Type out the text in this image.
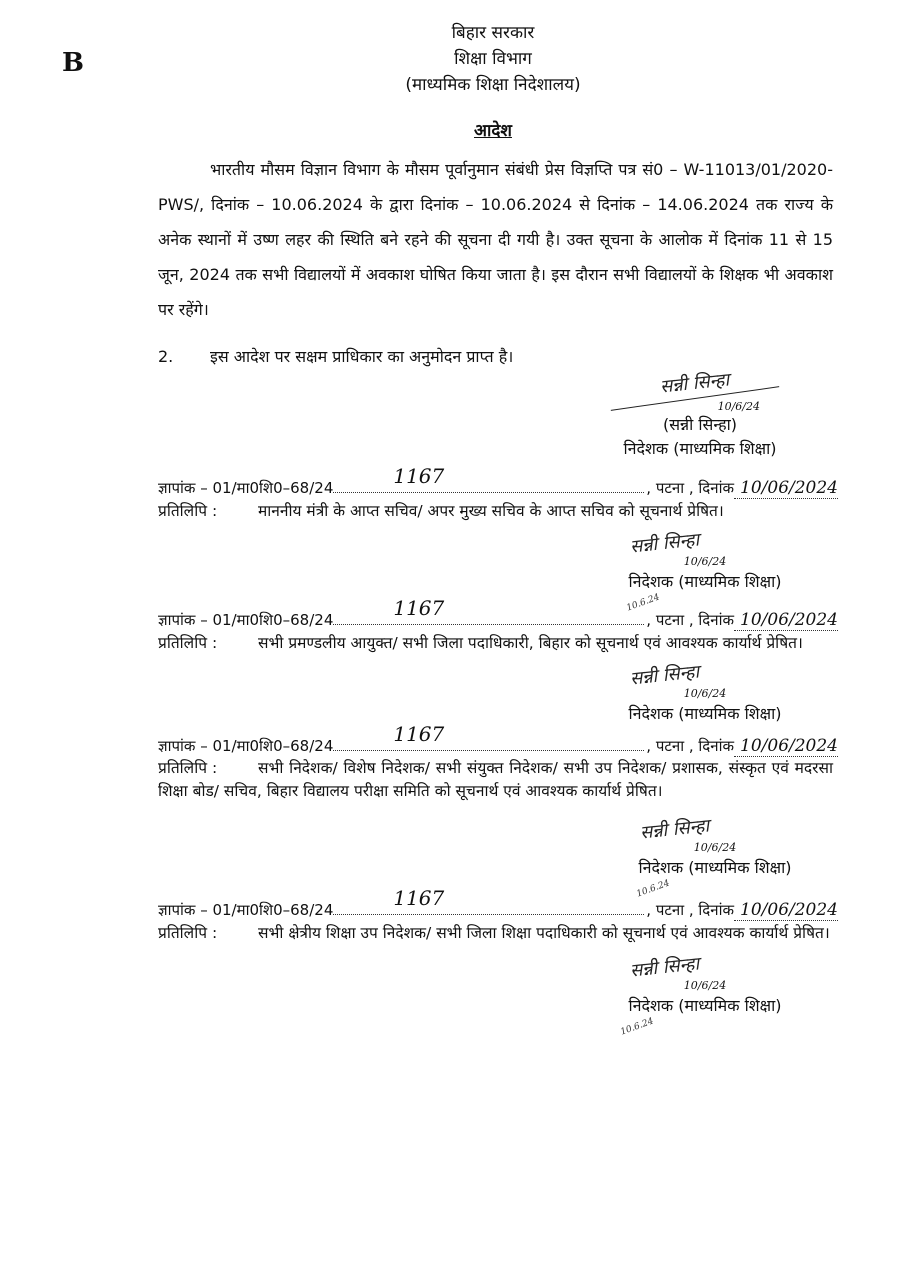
B
बिहार सरकार
शिक्षा विभाग
(माध्यमिक शिक्षा निदेशालय)
आदेश
भारतीय मौसम विज्ञान विभाग के मौसम पूर्वानुमान संबंधी प्रेस विज्ञप्ति पत्र सं0 – W-11013/01/2020-PWS/, दिनांक – 10.06.2024 के द्वारा दिनांक – 10.06.2024 से दिनांक – 14.06.2024 तक राज्य के अनेक स्थानों में उष्ण लहर की स्थिति बने रहने की सूचना दी गयी है। उक्त सूचना के आलोक में दिनांक 11 से 15 जून, 2024 तक सभी विद्यालयों में अवकाश घोषित किया जाता है। इस दौरान सभी विद्यालयों के शिक्षक भी अवकाश पर रहेंगे।
2. इस आदेश पर सक्षम प्राधिकार का अनुमोदन प्राप्त है।
सन्नी सिन्हा
10/6/24
(सन्नी सिन्हा)
निदेशक (माध्यमिक शिक्षा)
ज्ञापांक – 01/मा0शि0–68/24	1167	, पटना , दिनांक 10/06/2024
प्रतिलिपि :	माननीय मंत्री के आप्त सचिव/ अपर मुख्य सचिव के आप्त सचिव को सूचनार्थ प्रेषित।
सन्नी सिन्हा
10/6/24
निदेशक (माध्यमिक शिक्षा)
10.6.24
ज्ञापांक – 01/मा0शि0–68/24	1167	, पटना , दिनांक 10/06/2024
प्रतिलिपि :	सभी प्रमण्डलीय आयुक्त/ सभी जिला पदाधिकारी, बिहार को सूचनार्थ एवं आवश्यक कार्यार्थ प्रेषित।
सन्नी सिन्हा
10/6/24
निदेशक (माध्यमिक शिक्षा)
ज्ञापांक – 01/मा0शि0–68/24	1167	, पटना , दिनांक 10/06/2024
प्रतिलिपि :	सभी निदेशक/ विशेष निदेशक/ सभी संयुक्त निदेशक/ सभी उप निदेशक/ प्रशासक, संस्कृत एवं मदरसा शिक्षा बोड/ सचिव, बिहार विद्यालय परीक्षा समिति को सूचनार्थ एवं आवश्यक कार्यार्थ प्रेषित।
सन्नी सिन्हा
10/6/24
निदेशक (माध्यमिक शिक्षा)
10.6.24
ज्ञापांक – 01/मा0शि0–68/24	1167	, पटना , दिनांक 10/06/2024
प्रतिलिपि :	सभी क्षेत्रीय शिक्षा उप निदेशक/ सभी जिला शिक्षा पदाधिकारी को सूचनार्थ एवं आवश्यक कार्यार्थ प्रेषित।
सन्नी सिन्हा
10/6/24
निदेशक (माध्यमिक शिक्षा)
10.6.24
